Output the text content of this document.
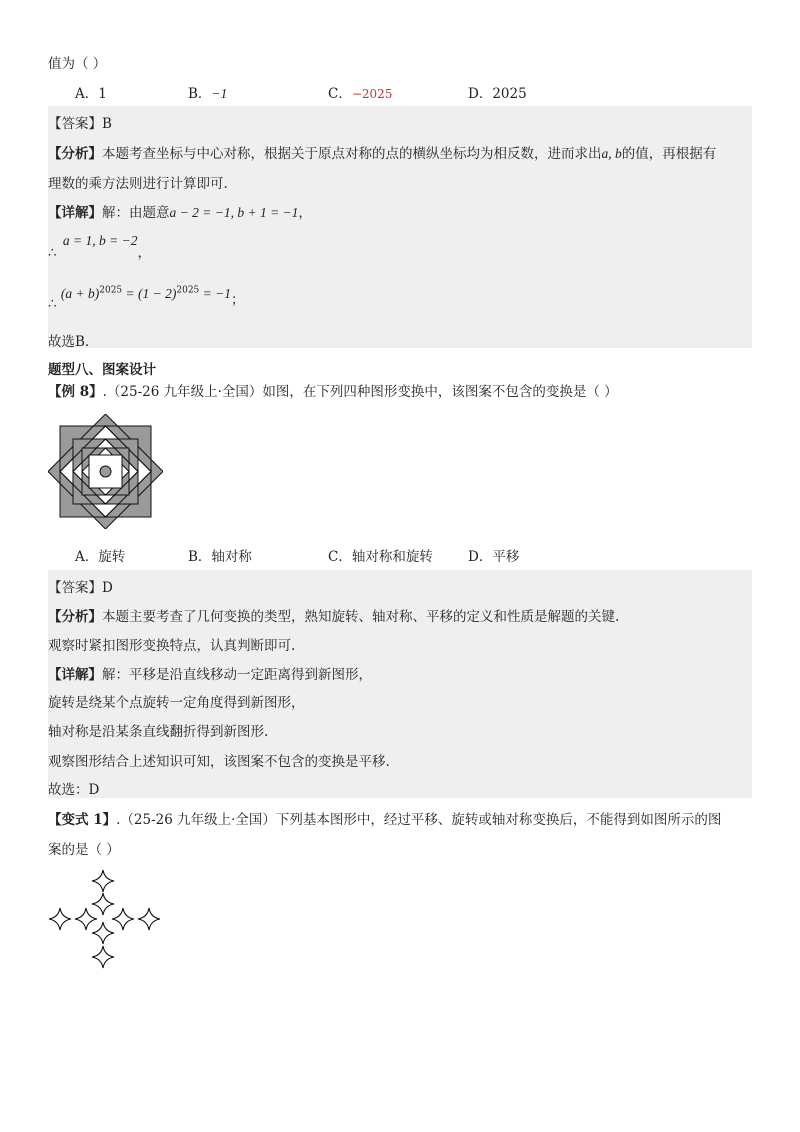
值为（ ）
A．1	B．−1	C．−2025	D．2025
【答案】B
【分析】本题考查坐标与中心对称，根据关于原点对称的点的横纵坐标均为相反数，进而求出a, b的值，再根据有
理数的乘方法则进行计算即可.
【详解】解：由题意a − 2 = −1, b + 1 = −1，
∴ a = 1, b = −2，
∴ $(a + b)^{2025} = (1 - 2)^{2025} = -1$；
故选B.
题型八、图案设计
【例 8】.（25-26 九年级上·全国）如图，在下列四种图形变换中，该图案不包含的变换是（ ）
A．旋转	B．轴对称	C．轴对称和旋转	D．平移
【答案】D
【分析】本题主要考查了几何变换的类型，熟知旋转、轴对称、平移的定义和性质是解题的关键.
观察时紧扣图形变换特点，认真判断即可.
【详解】解：平移是沿直线移动一定距离得到新图形，
旋转是绕某个点旋转一定角度得到新图形，
轴对称是沿某条直线翻折得到新图形.
观察图形结合上述知识可知，该图案不包含的变换是平移.
故选：D
【变式 1】.（25-26 九年级上·全国）下列基本图形中，经过平移、旋转或轴对称变换后，不能得到如图所示的图
案的是（ ）
